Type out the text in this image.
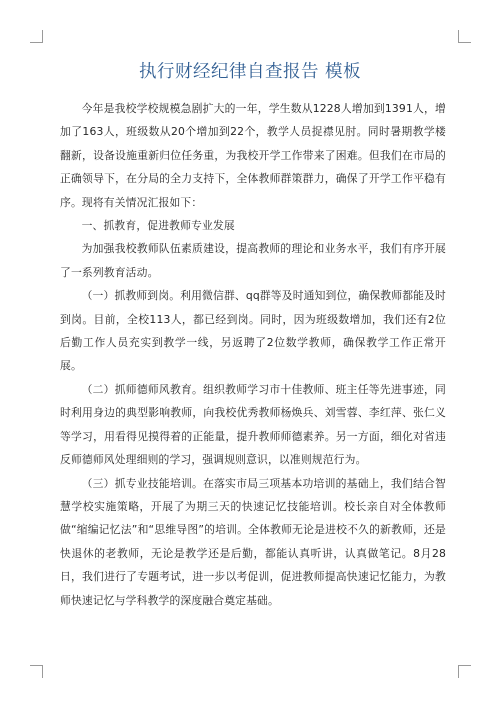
执行财经纪律自查报告 模板

今年是我校学校规模急剧扩大的一年，学生数从1228人增加到1391人，增加了163人，班级数从20个增加到22个，教学人员捉襟见肘。同时暑期教学楼翻新，设备设施重新归位任务重，为我校开学工作带来了困难。但我们在市局的正确领导下，在分局的全力支持下，全体教师群策群力，确保了开学工作平稳有序。现将有关情况汇报如下：

一、抓教育，促进教师专业发展

为加强我校教师队伍素质建设，提高教师的理论和业务水平，我们有序开展了一系列教育活动。

（一）抓教师到岗。利用微信群、qq群等及时通知到位，确保教师都能及时到岗。目前，全校113人，都已经到岗。同时，因为班级数增加，我们还有2位后勤工作人员充实到教学一线，另返聘了2位数学教师，确保教学工作正常开展。

（二）抓师德师风教育。组织教师学习市十佳教师、班主任等先进事迹，同时利用身边的典型影响教师，向我校优秀教师杨焕兵、刘雪蓉、李红萍、张仁义等学习，用看得见摸得着的正能量，提升教师师德素养。另一方面，细化对省违反师德师风处理细则的学习，强调规则意识，以准则规范行为。

（三）抓专业技能培训。在落实市局三项基本功培训的基础上，我们结合智慧学校实施策略，开展了为期三天的快速记忆技能培训。校长亲自对全体教师做“缩编记忆法”和“思维导图”的培训。全体教师无论是进校不久的新教师，还是快退休的老教师，无论是教学还是后勤，都能认真听讲，认真做笔记。8月28日，我们进行了专题考试，进一步以考促训，促进教师提高快速记忆能力，为教师快速记忆与学科教学的深度融合奠定基础。
